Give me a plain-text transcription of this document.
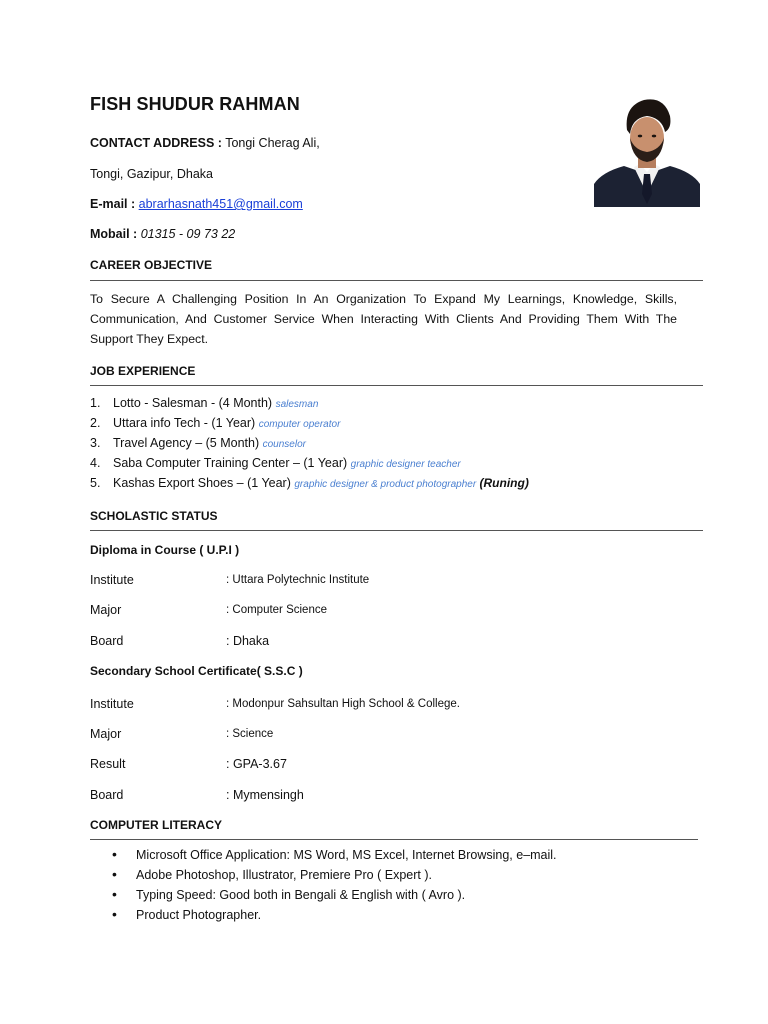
FISH SHUDUR RAHMAN
CONTACT ADDRESS : Tongi Cherag Ali,
Tongi, Gazipur, Dhaka
E-mail : abrarhasnath451@gmail.com
Mobail : 01315 - 09 73 22
CAREER OBJECTIVE
To Secure A Challenging Position In An Organization To Expand My Learnings, Knowledge, Skills, Communication, And Customer Service When Interacting With Clients And Providing Them With The Support They Expect.
JOB EXPERIENCE
1. Lotto - Salesman - (4 Month) salesman
2. Uttara info Tech - (1 Year) computer operator
3. Travel Agency – (5 Month) counselor
4. Saba Computer Training Center – (1 Year) graphic designer teacher
5. Kashas Export Shoes – (1 Year) graphic designer & product photographer (Runing)
SCHOLASTIC STATUS
Diploma in Course ( U.P.I )
Institute	: Uttara Polytechnic Institute
Major	: Computer Science
Board	: Dhaka
Secondary School Certificate( S.S.C )
Institute	: Modonpur Sahsultan High School & College.
Major	: Science
Result	: GPA-3.67
Board	: Mymensingh
COMPUTER LITERACY
• Microsoft Office Application: MS Word, MS Excel, Internet Browsing, e–mail.
• Adobe Photoshop, Illustrator, Premiere Pro ( Expert ).
• Typing Speed: Good both in Bengali & English with ( Avro ).
• Product Photographer.
